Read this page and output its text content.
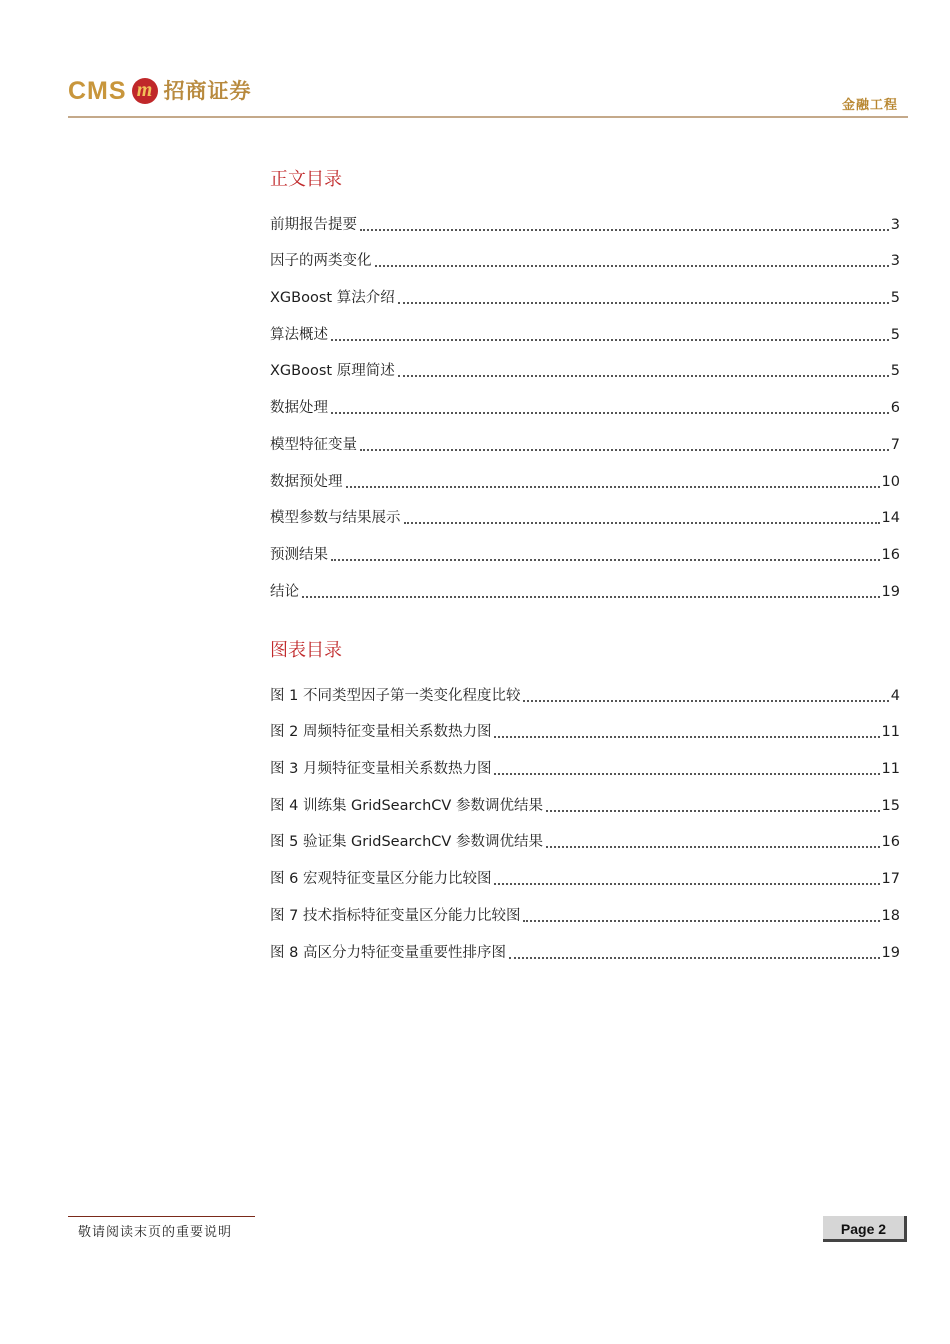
CMS m 招商证券
金融工程
正文目录
前期报告提要	3
因子的两类变化	3
XGBoost 算法介绍	5
算法概述	5
XGBoost 原理简述	5
数据处理	6
模型特征变量	7
数据预处理	10
模型参数与结果展示	14
预测结果	16
结论	19
图表目录
图 1 不同类型因子第一类变化程度比较	4
图 2 周频特征变量相关系数热力图	11
图 3 月频特征变量相关系数热力图	11
图 4 训练集 GridSearchCV 参数调优结果	15
图 5 验证集 GridSearchCV 参数调优结果	16
图 6 宏观特征变量区分能力比较图	17
图 7 技术指标特征变量区分能力比较图	18
图 8 高区分力特征变量重要性排序图	19
敬请阅读末页的重要说明	Page 2
